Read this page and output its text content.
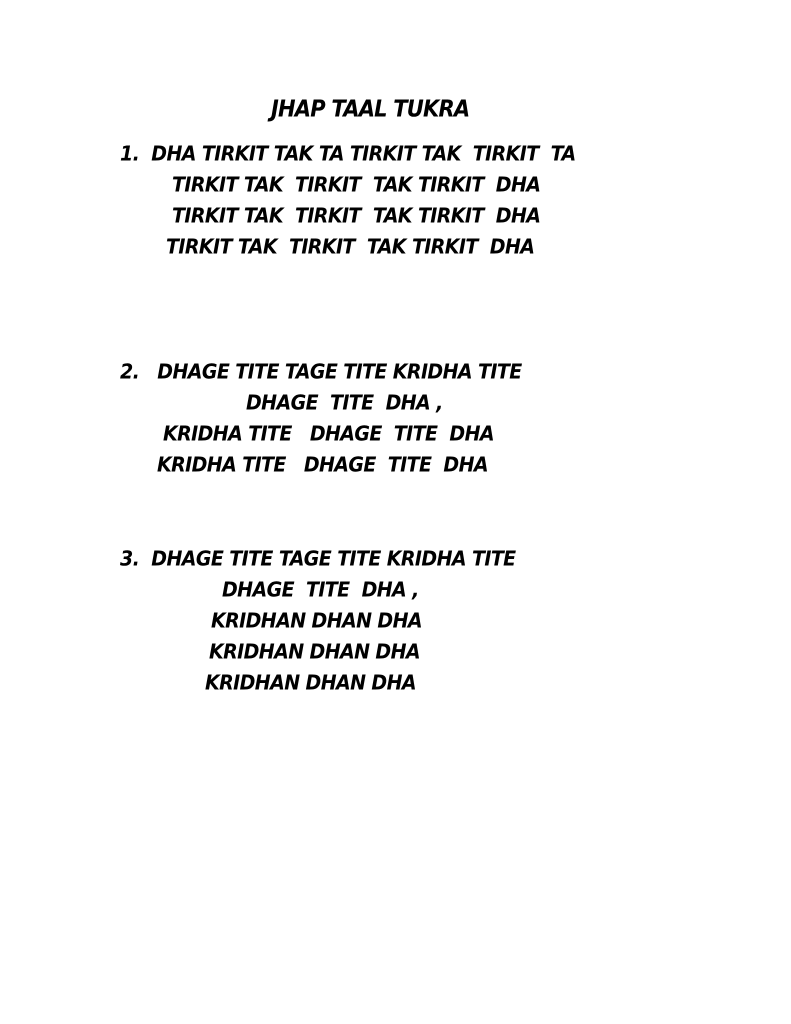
JHAP TAAL TUKRA
1.  DHA TIRKIT TAK TA TIRKIT TAK  TIRKIT  TA
TIRKIT TAK  TIRKIT  TAK TIRKIT  DHA
TIRKIT TAK  TIRKIT  TAK TIRKIT  DHA
TIRKIT TAK  TIRKIT  TAK TIRKIT  DHA
2.   DHAGE TITE TAGE TITE KRIDHA TITE
DHAGE  TITE  DHA ,
KRIDHA TITE   DHAGE  TITE  DHA
KRIDHA TITE   DHAGE  TITE  DHA
3.  DHAGE TITE TAGE TITE KRIDHA TITE
DHAGE  TITE  DHA ,
KRIDHAN DHAN DHA
KRIDHAN DHAN DHA
KRIDHAN DHAN DHA
